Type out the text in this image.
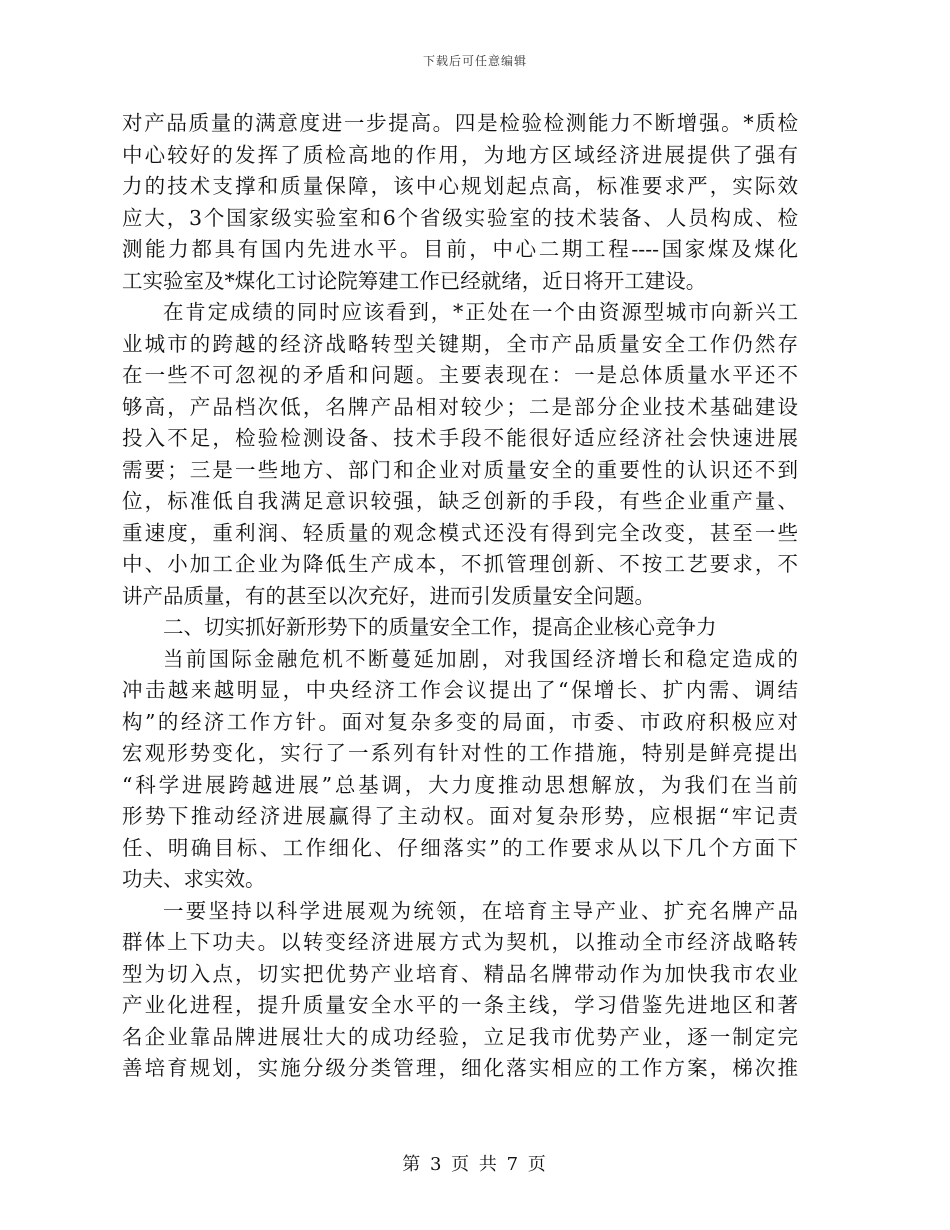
下载后可任意编辑
对产品质量的满意度进一步提高。四是检验检测能力不断增强。*质检
中心较好的发挥了质检高地的作用，为地方区域经济进展提供了强有
力的技术支撑和质量保障，该中心规划起点高，标准要求严，实际效
应大，3个国家级实验室和6个省级实验室的技术装备、人员构成、检
测能力都具有国内先进水平。目前，中心二期工程----国家煤及煤化
工实验室及*煤化工讨论院筹建工作已经就绪，近日将开工建设。
在肯定成绩的同时应该看到，*正处在一个由资源型城市向新兴工
业城市的跨越的经济战略转型关键期，全市产品质量安全工作仍然存
在一些不可忽视的矛盾和问题。主要表现在：一是总体质量水平还不
够高，产品档次低，名牌产品相对较少；二是部分企业技术基础建设
投入不足，检验检测设备、技术手段不能很好适应经济社会快速进展
需要；三是一些地方、部门和企业对质量安全的重要性的认识还不到
位，标准低自我满足意识较强，缺乏创新的手段，有些企业重产量、
重速度，重利润、轻质量的观念模式还没有得到完全改变，甚至一些
中、小加工企业为降低生产成本，不抓管理创新、不按工艺要求，不
讲产品质量，有的甚至以次充好，进而引发质量安全问题。
二、切实抓好新形势下的质量安全工作，提高企业核心竞争力
当前国际金融危机不断蔓延加剧，对我国经济增长和稳定造成的
冲击越来越明显，中央经济工作会议提出了“保增长、扩内需、调结
构”的经济工作方针。面对复杂多变的局面，市委、市政府积极应对
宏观形势变化，实行了一系列有针对性的工作措施，特别是鲜亮提出
“科学进展跨越进展”总基调，大力度推动思想解放，为我们在当前
形势下推动经济进展赢得了主动权。面对复杂形势，应根据“牢记责
任、明确目标、工作细化、仔细落实”的工作要求从以下几个方面下
功夫、求实效。
一要坚持以科学进展观为统领，在培育主导产业、扩充名牌产品
群体上下功夫。以转变经济进展方式为契机，以推动全市经济战略转
型为切入点，切实把优势产业培育、精品名牌带动作为加快我市农业
产业化进程，提升质量安全水平的一条主线，学习借鉴先进地区和著
名企业靠品牌进展壮大的成功经验，立足我市优势产业，逐一制定完
善培育规划，实施分级分类管理，细化落实相应的工作方案，梯次推
第 3 页 共 7 页
